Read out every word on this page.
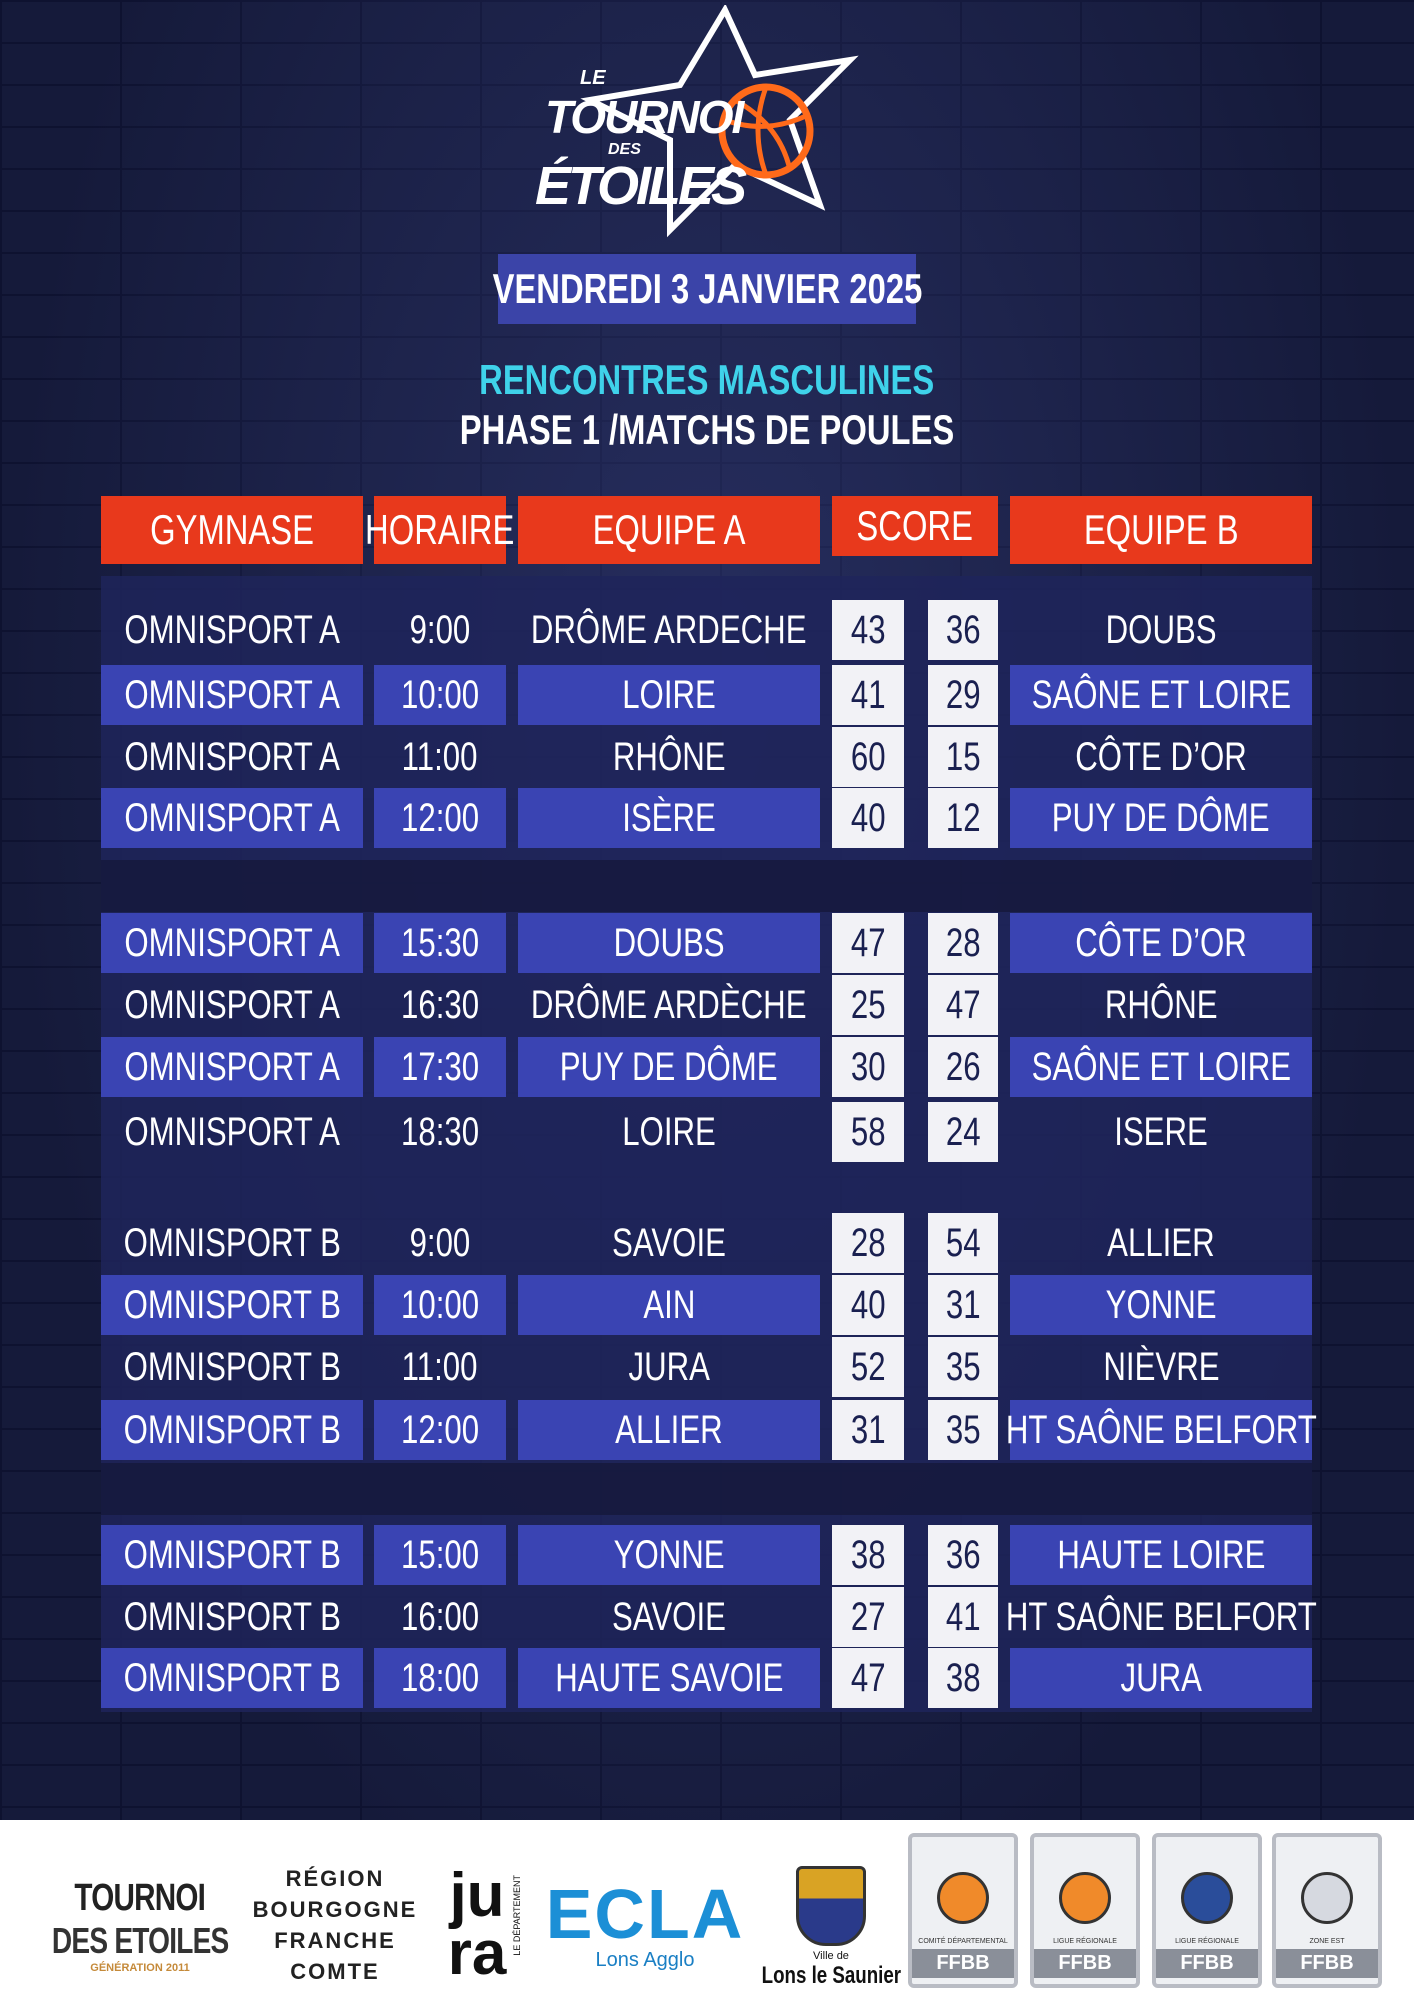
LE
TOURNOI
DES
ÉTOILES
VENDREDI 3 JANVIER 2025
RENCONTRES MASCULINES
PHASE 1 /MATCHS DE POULES
GYMNASE HORAIRE EQUIPE A	SCORE	EQUIPE B
OMNISPORT A 9:00 DRÔME ARDECHE 43 36	DOUBS
OMNISPORT A 10:00	LOIRE	41 29 SAÔNE ET LOIRE
OMNISPORT A 11:00	RHÔNE	60 15 CÔTE D’OR
OMNISPORT A 12:00	ISÈRE	40 12 PUY DE DÔME
OMNISPORT A 15:30	DOUBS	47 28 CÔTE D’OR
OMNISPORT A 16:30 DRÔME ARDÈCHE 25 47	RHÔNE
OMNISPORT A 17:30 PUY DE DÔME 30 26 SAÔNE ET LOIRE
OMNISPORT A 18:30	LOIRE	58 24	ISERE
OMNISPORT B 9:00	SAVOIE	28 54	ALLIER
OMNISPORT B 10:00	AIN	40 31	YONNE
OMNISPORT B 11:00	JURA	52 35	NIÈVRE
OMNISPORT B 12:00	ALLIER	31 35 HT SAÔNE BELFORT
OMNISPORT B 15:00	YONNE	38 36 HAUTE LOIRE
OMNISPORT B 16:00	SAVOIE	27 41 HT SAÔNE BELFORT
OMNISPORT B 18:00 HAUTE SAVOIE 47 38	JURA
TOURNOI
DES ETOILES
GÉNÉRATION 2011
RÉGION
BOURGOGNE
FRANCHE
COMTE
ju
ra LE DÉPARTEMENT ECLA
Lons Agglo	Ville de
Lons le Saunier
COMITÉ DÉPARTEMENTAL
FFBB
LIGUE RÉGIONALE
FFBB
LIGUE RÉGIONALE
FFBB
ZONE EST
FFBB
